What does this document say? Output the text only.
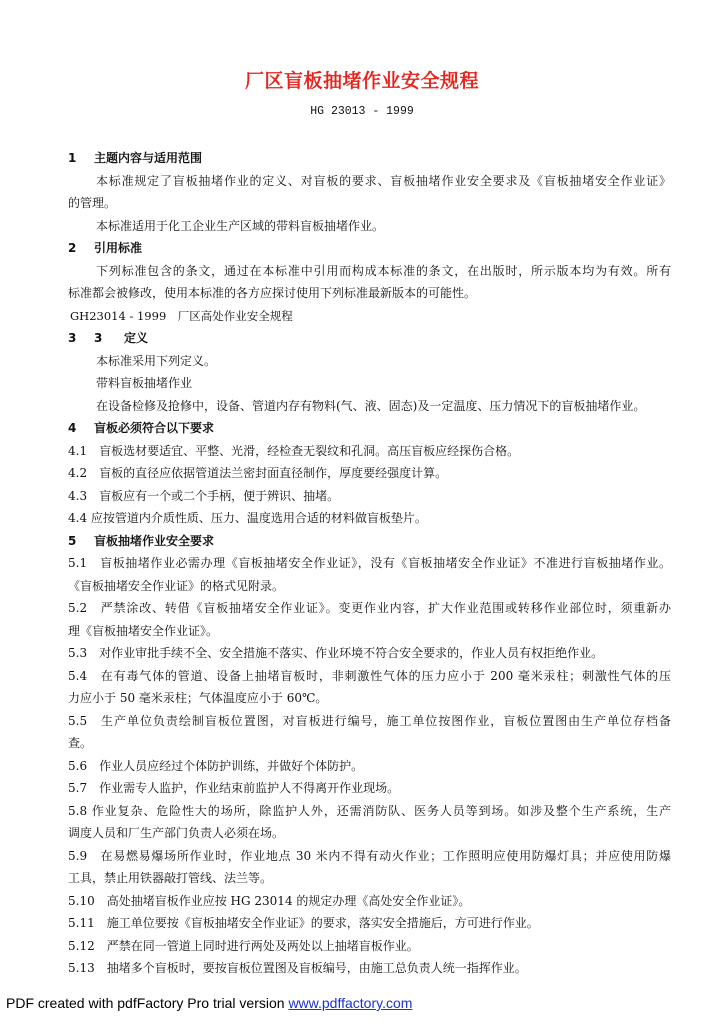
厂区盲板抽堵作业安全规程
HG 23013 - 1999
1 主题内容与适用范围
本标准规定了盲板抽堵作业的定义、对盲板的要求、盲板抽堵作业安全要求及《盲板抽堵安全作业证》
的管理。
本标准适用于化工企业生产区域的带料盲板抽堵作业。
2 引用标准
下列标准包含的条文，通过在本标准中引用而构成本标准的条文，在出版时，所示版本均为有效。所有
标准都会被修改，使用本标准的各方应探讨使用下列标准最新版本的可能性。
GH23014 - 1999　厂区高处作业安全规程
3 3 定义
本标准采用下列定义。
带料盲板抽堵作业
在设备检修及抢修中，设备、管道内存有物料(气、液、固态)及一定温度、压力情况下的盲板抽堵作业。
4 盲板必须符合以下要求
4.1　盲板选材要适宜、平整、光滑，经检查无裂纹和孔洞。高压盲板应经探伤合格。
4.2　盲板的直径应依据管道法兰密封面直径制作，厚度要经强度计算。
4.3　盲板应有一个或二个手柄，便于辨识、抽堵。
4.4 应按管道内介质性质、压力、温度选用合适的材料做盲板垫片。
5 盲板抽堵作业安全要求
5.1　盲板抽堵作业必需办理《盲板抽堵安全作业证》，没有《盲板抽堵安全作业证》不准进行盲板抽堵作业。
《盲板抽堵安全作业证》的格式见附录。
5.2　严禁涂改、转借《盲板抽堵安全作业证》。变更作业内容，扩大作业范围或转移作业部位时，须重新办
理《盲板抽堵安全作业证》。
5.3　对作业审批手续不全、安全措施不落实、作业环境不符合安全要求的，作业人员有权拒绝作业。
5.4　在有毒气体的管道、设备上抽堵盲板时，非刺激性气体的压力应小于 200 毫米汞柱；刺激性气体的压
力应小于 50 毫米汞柱；气体温度应小于 60℃。
5.5　生产单位负责绘制盲板位置图，对盲板进行编号，施工单位按图作业，盲板位置图由生产单位存档备
查。
5.6　作业人员应经过个体防护训练，并做好个体防护。
5.7　作业需专人监护，作业结束前监护人不得离开作业现场。
5.8 作业复杂、危险性大的场所，除监护人外，还需消防队、医务人员等到场。如涉及整个生产系统，生产
调度人员和厂生产部门负责人必须在场。
5.9　在易燃易爆场所作业时，作业地点 30 米内不得有动火作业；工作照明应使用防爆灯具；并应使用防爆
工具，禁止用铁器敲打管线、法兰等。
5.10　高处抽堵盲板作业应按 HG 23014 的规定办理《高处安全作业证》。
5.11　施工单位要按《盲板抽堵安全作业证》的要求，落实安全措施后，方可进行作业。
5.12　严禁在同一管道上同时进行两处及两处以上抽堵盲板作业。
5.13　抽堵多个盲板时，要按盲板位置图及盲板编号，由施工总负责人统一指挥作业。
PDF created with pdfFactory Pro trial version www.pdffactory.com
